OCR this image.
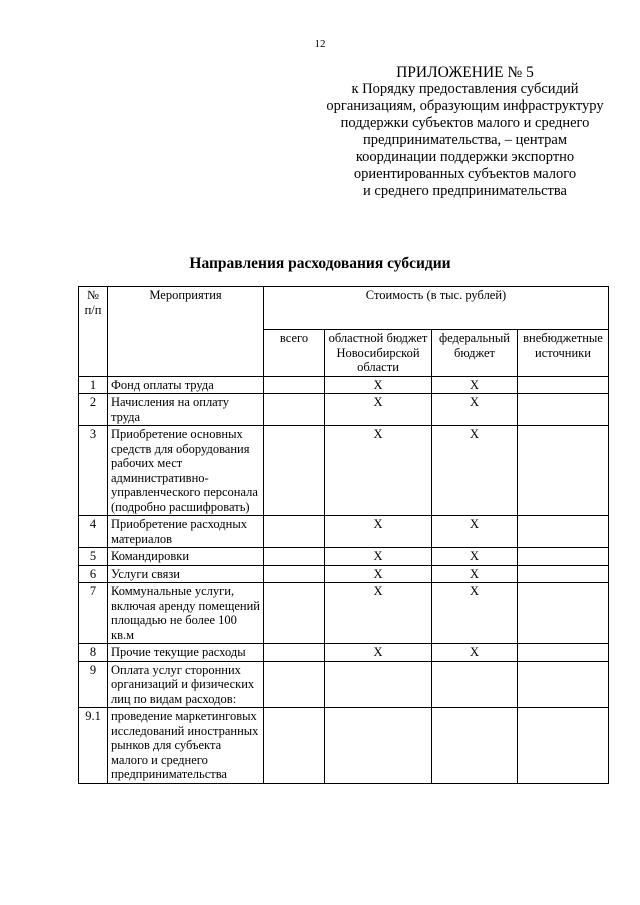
12
ПРИЛОЖЕНИЕ № 5
к Порядку предоставления субсидий
организациям, образующим инфраструктуру
поддержки субъектов малого и среднего
предпринимательства, – центрам
координации поддержки экспортно
ориентированных субъектов малого
и среднего предпринимательства
Направления расходования субсидии
№ п/п	Мероприятия	Стоимость (в тыс. рублей)			
		всего	областной бюджет Новосибирской области	федеральный бюджет	внебюджетные источники
1	Фонд оплаты труда		X	X	
2	Начисления на оплату труда		X	X	
3	Приобретение основных средств для оборудования рабочих мест административно-управленческого персонала (подробно расшифровать)		X	X	
4	Приобретение расходных материалов		X	X	
5	Командировки		X	X	
6	Услуги связи		X	X	
7	Коммунальные услуги, включая аренду помещений площадью не более 100 кв.м		X	X	
8	Прочие текущие расходы		X	X	
9	Оплата услуг сторонних организаций и физических лиц по видам расходов:				
9.1	проведение маркетинговых исследований иностранных рынков для субъекта малого и среднего предпринимательства				
